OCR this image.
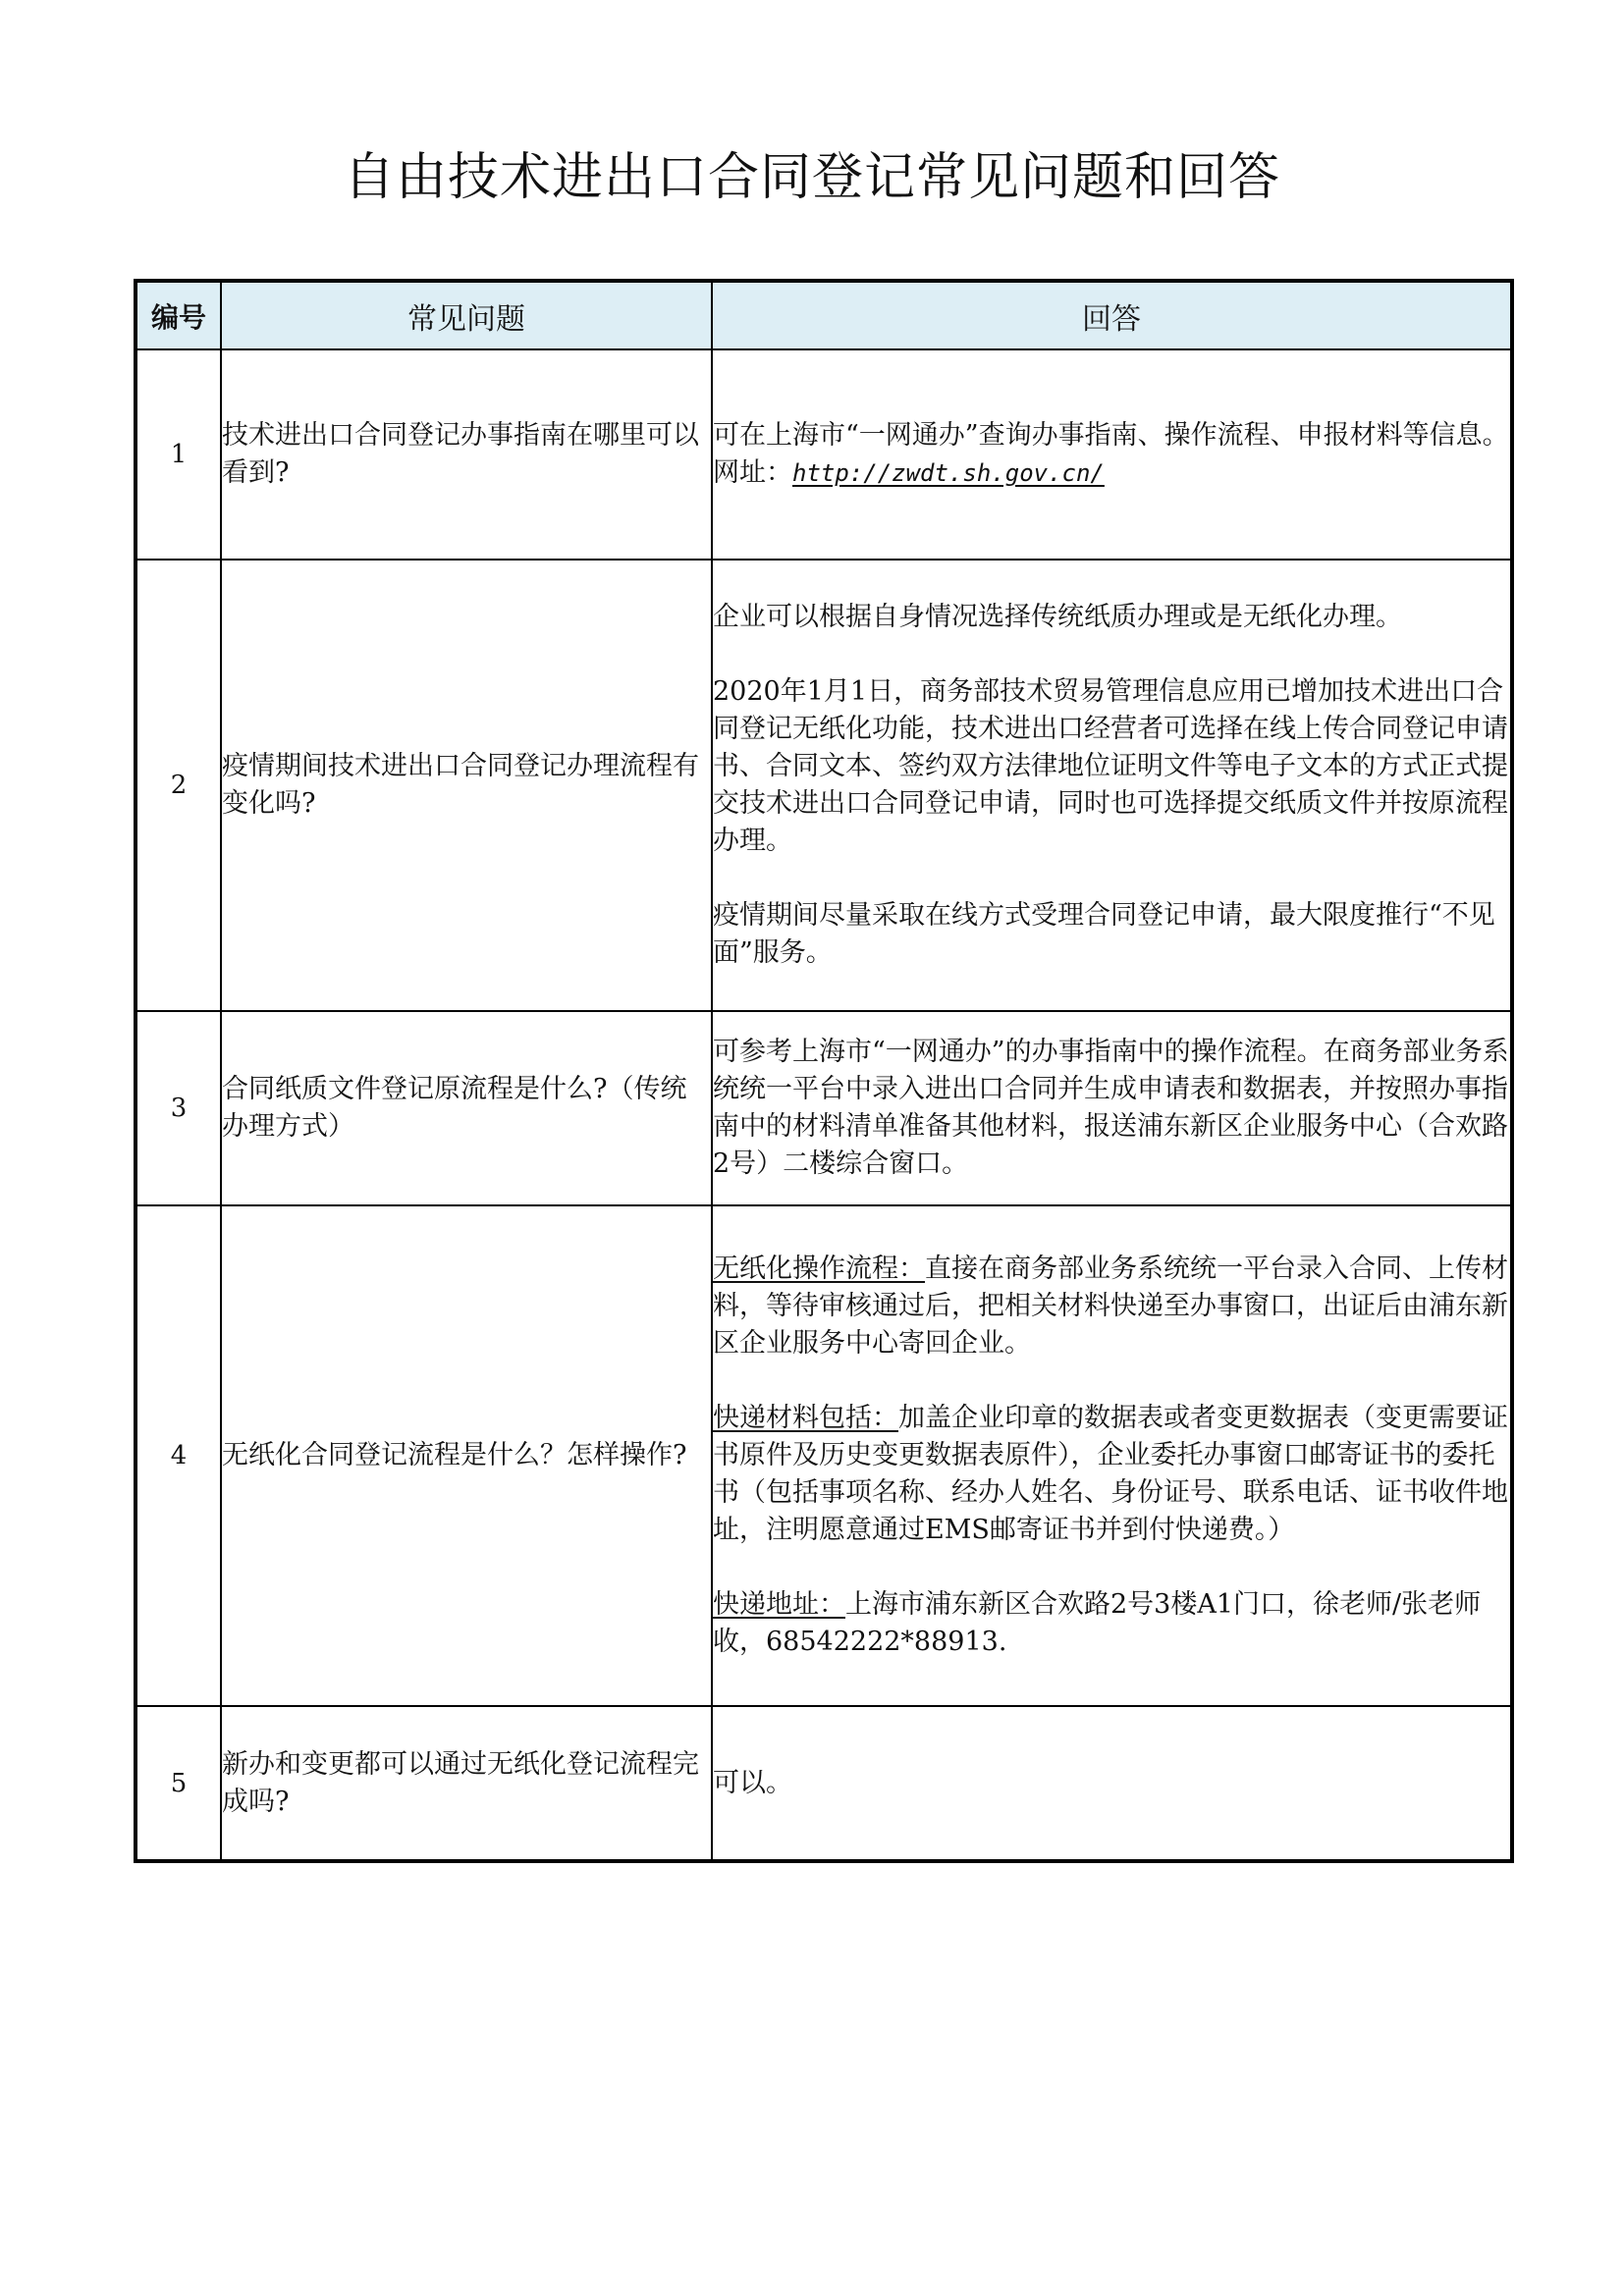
自由技术进出口合同登记常见问题和回答
编号	常见问题	回答
1	技术进出口合同登记办事指南在哪里可以看到?	可在上海市“一网通办”查询办事指南、操作流程、申报材料等信息。

网址：http://zwdt.sh.gov.cn/

2	疫情期间技术进出口合同登记办理流程有变化吗?	企业可以根据自身情况选择传统纸质办理或是无纸化办理。

2020年1月1日，商务部技术贸易管理信息应用已增加技术进出口合同登记无纸化功能，技术进出口经营者可选择在线上传合同登记申请书、合同文本、签约双方法律地位证明文件等电子文本的方式正式提交技术进出口合同登记申请，同时也可选择提交纸质文件并按原流程办理。

疫情期间尽量采取在线方式受理合同登记申请，最大限度推行“不见面”服务。

3	合同纸质文件登记原流程是什么?（传统办理方式）	可参考上海市“一网通办”的办事指南中的操作流程。在商务部业务系统统一平台中录入进出口合同并生成申请表和数据表，并按照办事指南中的材料清单准备其他材料，报送浦东新区企业服务中心（合欢路2号）二楼综合窗口。

4	无纸化合同登记流程是什么？怎样操作?	无纸化操作流程：直接在商务部业务系统统一平台录入合同、上传材料，等待审核通过后，把相关材料快递至办事窗口，出证后由浦东新区企业服务中心寄回企业。

快递材料包括：加盖企业印章的数据表或者变更数据表（变更需要证书原件及历史变更数据表原件），企业委托办事窗口邮寄证书的委托书（包括事项名称、经办人姓名、身份证号、联系电话、证书收件地址，注明愿意通过EMS邮寄证书并到付快递费。）

快递地址：上海市浦东新区合欢路2号3楼A1门口，徐老师/张老师收，68542222*88913.

5	新办和变更都可以通过无纸化登记流程完成吗?	可以。
